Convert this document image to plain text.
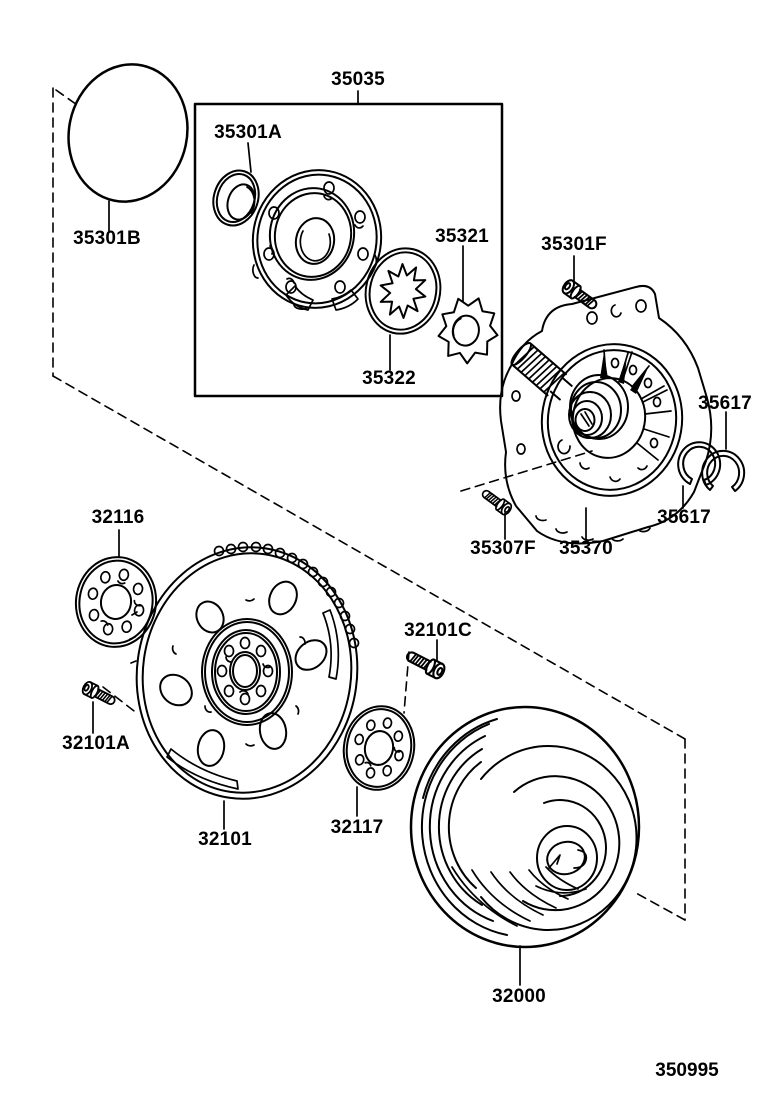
35035
35301A
35301B	35321
35322
35301F
35617
35617
35307F 35370
32116
32101A
32101
32101C
32117
32000
350995
